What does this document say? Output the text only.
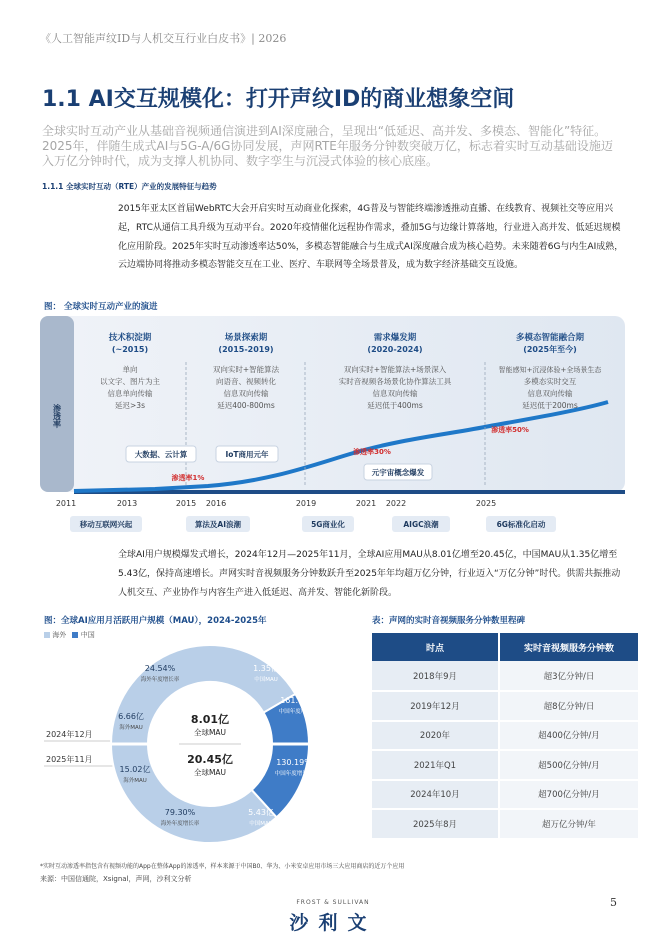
《人工智能声纹ID与人机交互行业白皮书》| 2026
1.1 AI交互规模化：打开声纹ID的商业想象空间
全球实时互动产业从基础音视频通信演进到AI深度融合，呈现出“低延迟、高并发、多模态、智能化”特征。2025年，伴随生成式AI与5G-A/6G协同发展，声网RTE年服务分钟数突破万亿，标志着实时互动基础设施迈入万亿分钟时代，成为支撑人机协同、数字孪生与沉浸式体验的核心底座。
1.1.1 全球实时互动（RTE）产业的发展特征与趋势
2015年亚太区首届WebRTC大会开启实时互动商业化探索，4G普及与智能终端渗透推动直播、在线教育、视频社交等应用兴起，RTC从通信工具升级为互动平台。2020年疫情催化远程协作需求，叠加5G与边缘计算落地，行业进入高并发、低延迟规模化应用阶段。2025年实时互动渗透率达50%，多模态智能融合与生成式AI深度融合成为核心趋势。未来随着6G与内生AI成熟，云边端协同将推动多模态智能交互在工业、医疗、车联网等全场景普及，成为数字经济基础交互设施。
图： 全球实时互动产业的演进
渗透率
技术积淀期
(~2015)
单向
以文字、图片为主
信息单向传输
延迟>3s
场景探索期
(2015-2019)
双向实时+智能算法
向语音、视频转化
信息双向传输
延迟400-800ms
需求爆发期
(2020-2024)
双向实时+智能算法+场景深入
实时音视频各场景化协作算法工具
信息双向传输
延迟低于400ms
多模态智能融合期
(2025年至今)
智能感知+沉浸体验+全场景生态
多模态实时交互
信息双向传输
延迟低于200ms
渗透率1%
渗透率30%
渗透率50%
大数据、云计算	IoT商用元年
元宇宙概念爆发
2011	2013	2015 2016	2019	2021 2022	2025
移动互联网兴起	算法及AI浪潮	5G商业化	AIGC浪潮	6G标准化启动
全球AI用户规模爆发式增长，2024年12月—2025年11月，全球AI应用MAU从8.01亿增至20.45亿，中国MAU从1.35亿增至5.43亿，保持高速增长。声网实时音视频服务分钟数跃升至2025年年均超万亿分钟，行业迈入“万亿分钟”时代。供需共振推动人机交互、产业协作与内容生产进入低延迟、高并发、智能化新阶段。
图：全球AI应用月活跃用户规模（MAU），2024-2025年
海外 中国
2024年12月
2025年11月
8.01亿
全球MAU
20.45亿
全球MAU
24.54%
海外年度增长率
1.35亿
中国MAU
6.66亿
海外MAU
161.15%
中国年度增长率
15.02亿
海外MAU
130.19%
中国年度增长率
79.30%
海外年度增长率
5.43亿
中国MAU
表：声网的实时音视频服务分钟数里程碑
时点	实时音视频服务分钟数
2018年9月	超3亿分钟/日
2019年12月	超8亿分钟/日
2020年	超400亿分钟/月
2021年Q1	超500亿分钟/月
2024年10月	超700亿分钟/月
2025年8月	超万亿分钟/年
*实时互动渗透率指包含有视频功能的App在整体App的渗透率，样本来源于中国B0、华为、小米安卓应用市场三大应用商店的近万个应用
来源：中国信通院，Xsignal，声网，沙利文分析
FROST & SULLIVAN
沙利文
5
